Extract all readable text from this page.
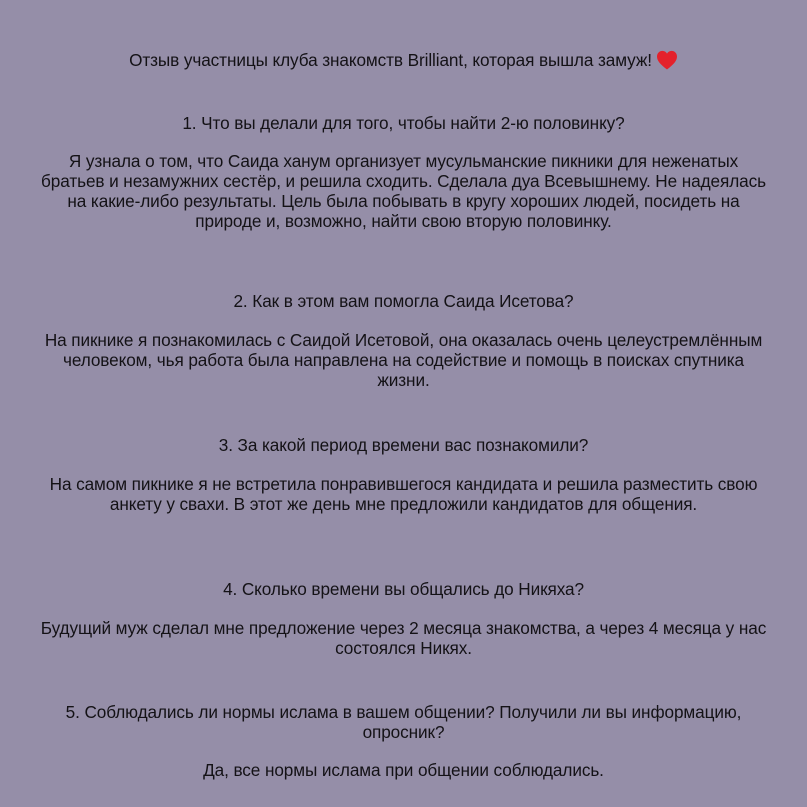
Отзыв участницы клуба знакомств Brilliant, которая вышла замуж!
1. Что вы делали для того, чтобы найти 2-ю половинку?
Я узнала о том, что Саида ханум организует мусульманские пикники для неженатых братьев и незамужних сестёр, и решила сходить. Сделала дуа Всевышнему. Не надеялась на какие-либо результаты. Цель была побывать в кругу хороших людей, посидеть на природе и, возможно, найти свою вторую половинку.
2. Как в этом вам помогла Саида Исетова?
На пикнике я познакомилась с Саидой Исетовой, она оказалась очень целеустремлённым человеком, чья работа была направлена на содействие и помощь в поисках спутника жизни.
3. За какой период времени вас познакомили?
На самом пикнике я не встретила понравившегося кандидата и решила разместить свою анкету у свахи. В этот же день мне предложили кандидатов для общения.
4. Сколько времени вы общались до Никяха?
Будущий муж сделал мне предложение через 2 месяца знакомства, а через 4 месяца у нас состоялся Никях.
5. Соблюдались ли нормы ислама в вашем общении? Получили ли вы информацию, опросник?
Да, все нормы ислама при общении соблюдались.
